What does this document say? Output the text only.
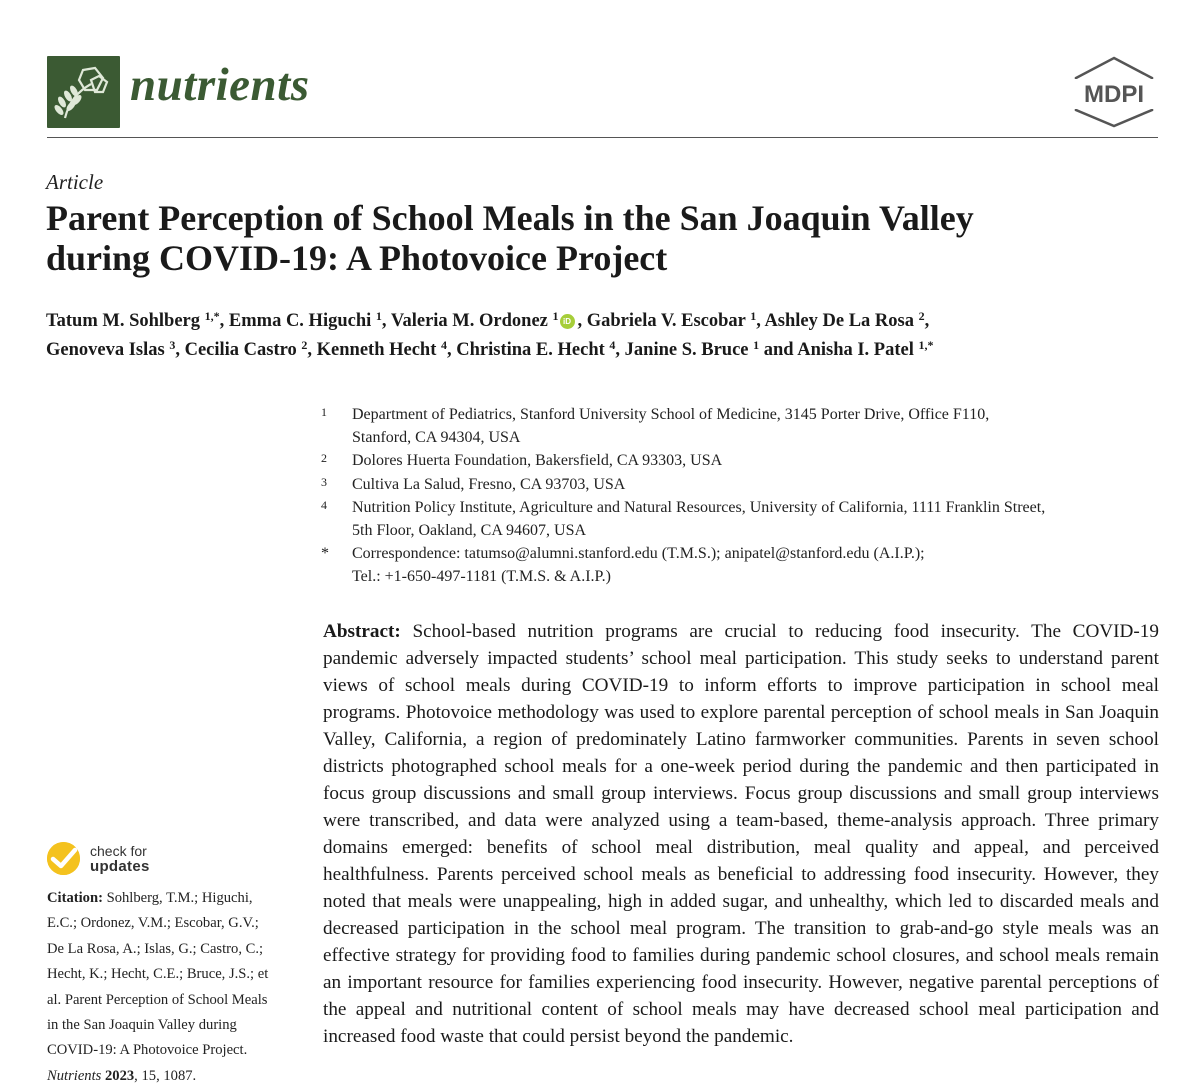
nutrients	MDPI
Article
Parent Perception of School Meals in the San Joaquin Valley
during COVID-19: A Photovoice Project
Tatum M. Sohlberg $^{1,*}$, Emma C. Higuchi $^1$, Valeria M. Ordonez $^1$ iD , Gabriela V. Escobar $^1$, Ashley De La Rosa $^2$,
Genoveva Islas $^3$, Cecilia Castro $^2$, Kenneth Hecht $^4$, Christina E. Hecht $^4$, Janine S. Bruce $^1$ and Anisha I. Patel $^{1,*}$
1 Department of Pediatrics, Stanford University School of Medicine, 3145 Porter Drive, Office F110,
Stanford, CA 94304, USA
2 Dolores Huerta Foundation, Bakersfield, CA 93303, USA
3 Cultiva La Salud, Fresno, CA 93703, USA
4 Nutrition Policy Institute, Agriculture and Natural Resources, University of California, 1111 Franklin Street,
5th Floor, Oakland, CA 94607, USA
* Correspondence: tatumso@alumni.stanford.edu (T.M.S.); anipatel@stanford.edu (A.I.P.);
Tel.: +1-650-497-1181 (T.M.S. & A.I.P.)
Abstract: School-based nutrition programs are crucial to reducing food insecurity. The COVID-19 pandemic adversely impacted students’ school meal participation. This study seeks to understand parent views of school meals during COVID-19 to inform efforts to improve participation in school meal programs. Photovoice methodology was used to explore parental perception of school meals in San Joaquin Valley, California, a region of predominately Latino farmworker communities. Parents in seven school districts photographed school meals for a one-week period during the pandemic and then participated in focus group discussions and small group interviews. Focus group discussions and small group interviews were transcribed, and data were analyzed using a team-based, theme-analysis approach. Three primary domains emerged: benefits of school meal distribution, meal quality and appeal, and perceived healthfulness. Parents perceived school meals as beneficial to addressing food insecurity. However, they noted that meals were unappealing, high in added sugar, and unhealthy, which led to discarded meals and decreased participation in the school meal program. The transition to grab-and-go style meals was an effective strategy for providing food to families during pandemic school closures, and school meals remain an important resource for families experiencing food insecurity. However, negative parental perceptions of the appeal and nutritional content of school meals may have decreased school meal participation and increased food waste that could persist beyond the pandemic.
check for
updates
Citation: Sohlberg, T.M.; Higuchi, E.C.; Ordonez, V.M.; Escobar, G.V.; De La Rosa, A.; Islas, G.; Castro, C.; Hecht, K.; Hecht, C.E.; Bruce, J.S.; et al. Parent Perception of School Meals in the San Joaquin Valley during COVID-19: A Photovoice Project. Nutrients 2023, 15, 1087.
